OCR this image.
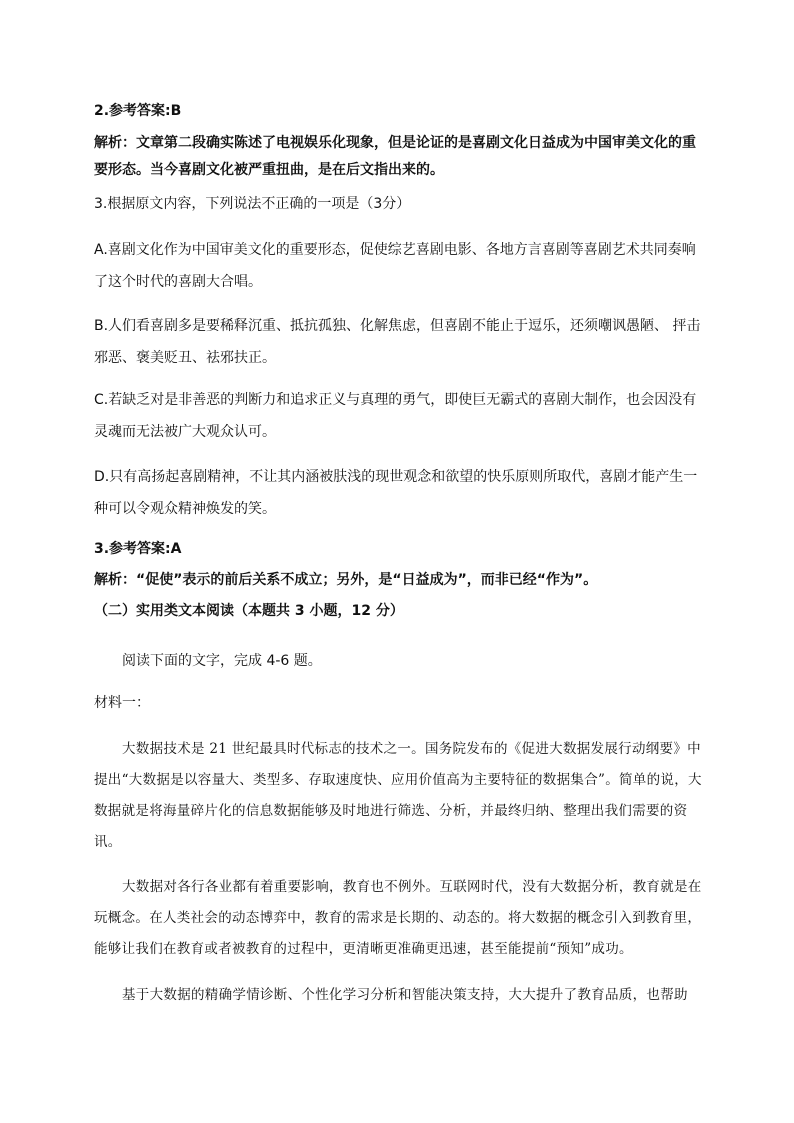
2.参考答案:B

解析：文章第二段确实陈述了电视娱乐化现象，但是论证的是喜剧文化日益成为中国审美文化的重要形态。当今喜剧文化被严重扭曲，是在后文指出来的。

3.根据原文内容，下列说法不正确的一项是（3分）

A.喜剧文化作为中国审美文化的重要形态，促使综艺喜剧电影、各地方言喜剧等喜剧艺术共同奏响了这个时代的喜剧大合唱。

B.人们看喜剧多是要稀释沉重、抵抗孤独、化解焦虑，但喜剧不能止于逗乐，还须嘲讽愚陋、 抨击邪恶、褒美贬丑、祛邪扶正。

C.若缺乏对是非善恶的判断力和追求正义与真理的勇气，即使巨无霸式的喜剧大制作，也会因没有灵魂而无法被广大观众认可。

D.只有高扬起喜剧精神，不让其内涵被肤浅的现世观念和欲望的快乐原则所取代，喜剧才能产生一种可以令观众精神焕发的笑。

3.参考答案:A

解析：“促使”表示的前后关系不成立；另外，是“日益成为”，而非已经“作为”。

（二）实用类文本阅读（本题共 3 小题，12 分）

阅读下面的文字，完成 4-6 题。

材料一：

大数据技术是 21 世纪最具时代标志的技术之一。国务院发布的《促进大数据发展行动纲要》中提出“大数据是以容量大、类型多、存取速度快、应用价值高为主要特征的数据集合”。简单的说，大数据就是将海量碎片化的信息数据能够及时地进行筛选、分析，并最终归纳、整理出我们需要的资讯。

大数据对各行各业都有着重要影响，教育也不例外。互联网时代，没有大数据分析，教育就是在玩概念。在人类社会的动态博弈中，教育的需求是长期的、动态的。将大数据的概念引入到教育里，能够让我们在教育或者被教育的过程中，更清晰更准确更迅速，甚至能提前“预知”成功。

基于大数据的精确学情诊断、个性化学习分析和智能决策支持，大大提升了教育品质，也帮助
